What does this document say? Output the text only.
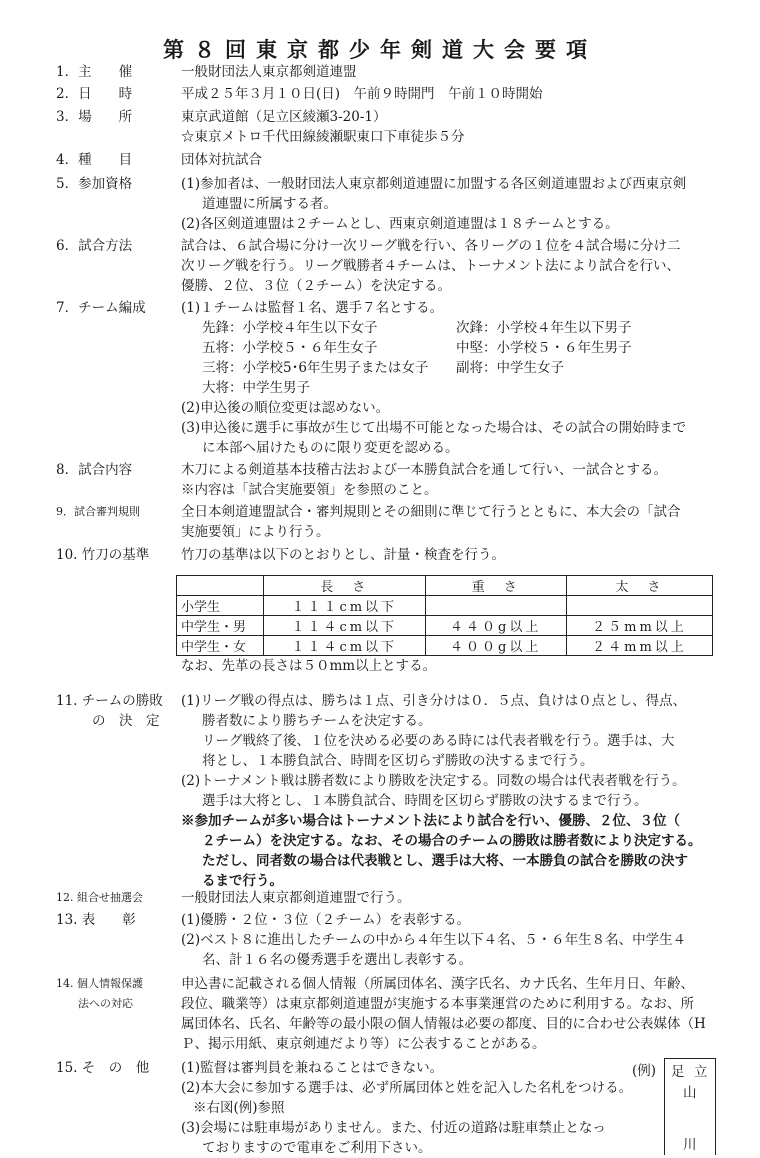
第８回東京都少年剣道大会要項
1．主　　催	一般財団法人東京都剣道連盟
2．日　　時	平成２５年３月１０日(日)　午前９時開門　午前１０時開始
3．場　　所	東京武道館（足立区綾瀬3-20-1）
☆東京メトロ千代田線綾瀬駅東口下車徒歩５分
4．種　　目	団体対抗試合
5．参加資格	(1)参加者は、一般財団法人東京都剣道連盟に加盟する各区剣道連盟および西東京剣
道連盟に所属する者。
(2)各区剣道連盟は２チームとし、西東京剣道連盟は１８チームとする。
6．試合方法	試合は、６試合場に分け一次リーグ戦を行い、各リーグの１位を４試合場に分け二
次リーグ戦を行う。リーグ戦勝者４チームは、トーナメント法により試合を行い、
優勝、２位、３位（２チーム）を決定する。
7．チーム編成	(1)１チームは監督１名、選手７名とする。
先鋒：小学校４年生以下女子	次鋒：小学校４年生以下男子
五将：小学校５・６年生女子	中堅：小学校５・６年生男子
三将：小学校5･6年生男子または女子 副将：中学生女子
大将：中学生男子
(2)申込後の順位変更は認めない。
(3)申込後に選手に事故が生じて出場不可能となった場合は、その試合の開始時まで
に本部へ届けたものに限り変更を認める。
8．試合内容	木刀による剣道基本技稽古法および一本勝負試合を通して行い、一試合とする。
※内容は「試合実施要領」を参照のこと。
9．試合審判規則	全日本剣道連盟試合・審判規則とその細則に準じて行うとともに、本大会の「試合
実施要領」により行う。
10. 竹刀の基準	竹刀の基準は以下のとおりとし、計量・検査を行う。
	長　さ	重　さ	太　さ
小学生	１１１cm以下		
中学生・男	１１４cm以下	４４０g以上	２５mm以上
中学生・女	１１４cm以下	４００g以上	２４mm以上
なお、先革の長さは５０mm以上とする。
11. チームの勝敗
の　決　定
(1)リーグ戦の得点は、勝ちは１点、引き分けは０．５点、負けは０点とし、得点、
勝者数により勝ちチームを決定する。
リーグ戦終了後、１位を決める必要のある時には代表者戦を行う。選手は、大
将とし、１本勝負試合、時間を区切らず勝敗の決するまで行う。
(2)トーナメント戦は勝者数により勝敗を決定する。同数の場合は代表者戦を行う。
選手は大将とし、１本勝負試合、時間を区切らず勝敗の決するまで行う。
※参加チームが多い場合はトーナメント法により試合を行い、優勝、２位、３位（
２チーム）を決定する。なお、その場合のチームの勝敗は勝者数により決定する。
ただし、同者数の場合は代表戦とし、選手は大将、一本勝負の試合を勝敗の決す
るまで行う。
12. 組合せ抽選会	一般財団法人東京都剣道連盟で行う。
13. 表　　彰	(1)優勝・２位・３位（２チーム）を表彰する。
(2)ベスト８に進出したチームの中から４年生以下４名、５・６年生８名、中学生４
名、計１６名の優秀選手を選出し表彰する。
14. 個人情報保護
法への対応
申込書に記載される個人情報（所属団体名、漢字氏名、カナ氏名、生年月日、年齢、
段位、職業等）は東京都剣道連盟が実施する本事業運営のために利用する。なお、所
属団体名、氏名、年齢等の最小限の個人情報は必要の都度、目的に合わせ公表媒体（H
Ｐ、掲示用紙、東京剣連だより等）に公表することがある。
15. そ　の　他	(1)監督は審判員を兼ねることはできない。
(2)本大会に参加する選手は、必ず所属団体と姓を記入した名札をつける。
※右図(例)参照
(3)会場には駐車場がありません。また、付近の道路は駐車禁止となっ
ておりますので電車をご利用下さい。
(例) 足 立
山
川
